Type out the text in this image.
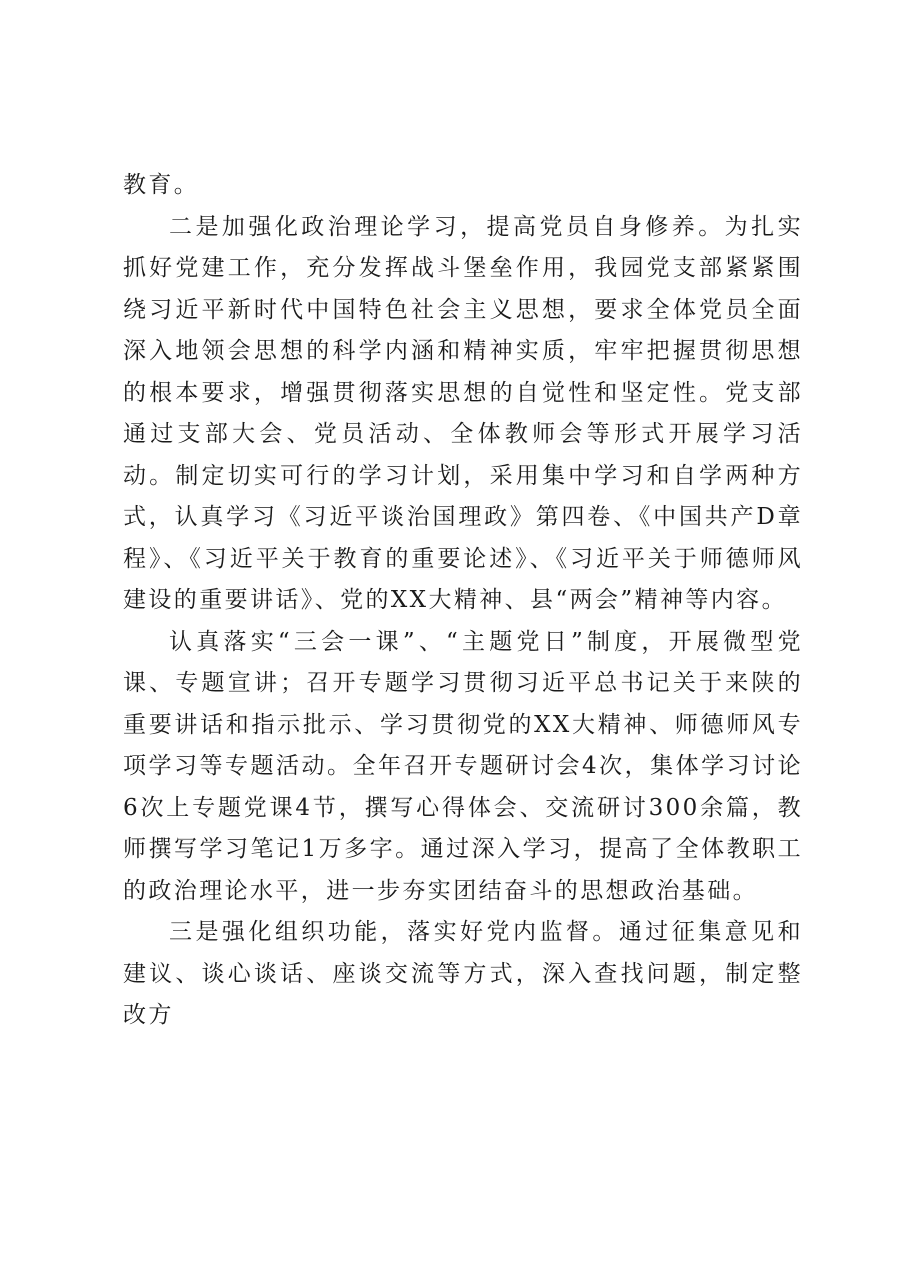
教育。

二是加强化政治理论学习，提高党员自身修养。为扎实抓好党建工作，充分发挥战斗堡垒作用，我园党支部紧紧围绕习近平新时代中国特色社会主义思想，要求全体党员全面深入地领会思想的科学内涵和精神实质，牢牢把握贯彻思想的根本要求，增强贯彻落实思想的自觉性和坚定性。党支部通过支部大会、党员活动、全体教师会等形式开展学习活动。制定切实可行的学习计划，采用集中学习和自学两种方式，认真学习《习近平谈治国理政》第四卷、《中国共产D章程》、《习近平关于教育的重要论述》、《习近平关于师德师风建设的重要讲话》、党的XX大精神、县“两会”精神等内容。

认真落实“三会一课”、“主题党日”制度，开展微型党课、专题宣讲；召开专题学习贯彻习近平总书记关于来陕的重要讲话和指示批示、学习贯彻党的XX大精神、师德师风专项学习等专题活动。全年召开专题研讨会4次，集体学习讨论6次上专题党课4节，撰写心得体会、交流研讨300余篇，教师撰写学习笔记1万多字。通过深入学习，提高了全体教职工的政治理论水平，进一步夯实团结奋斗的思想政治基础。

三是强化组织功能，落实好党内监督。通过征集意见和建议、谈心谈话、座谈交流等方式，深入查找问题，制定整改方
